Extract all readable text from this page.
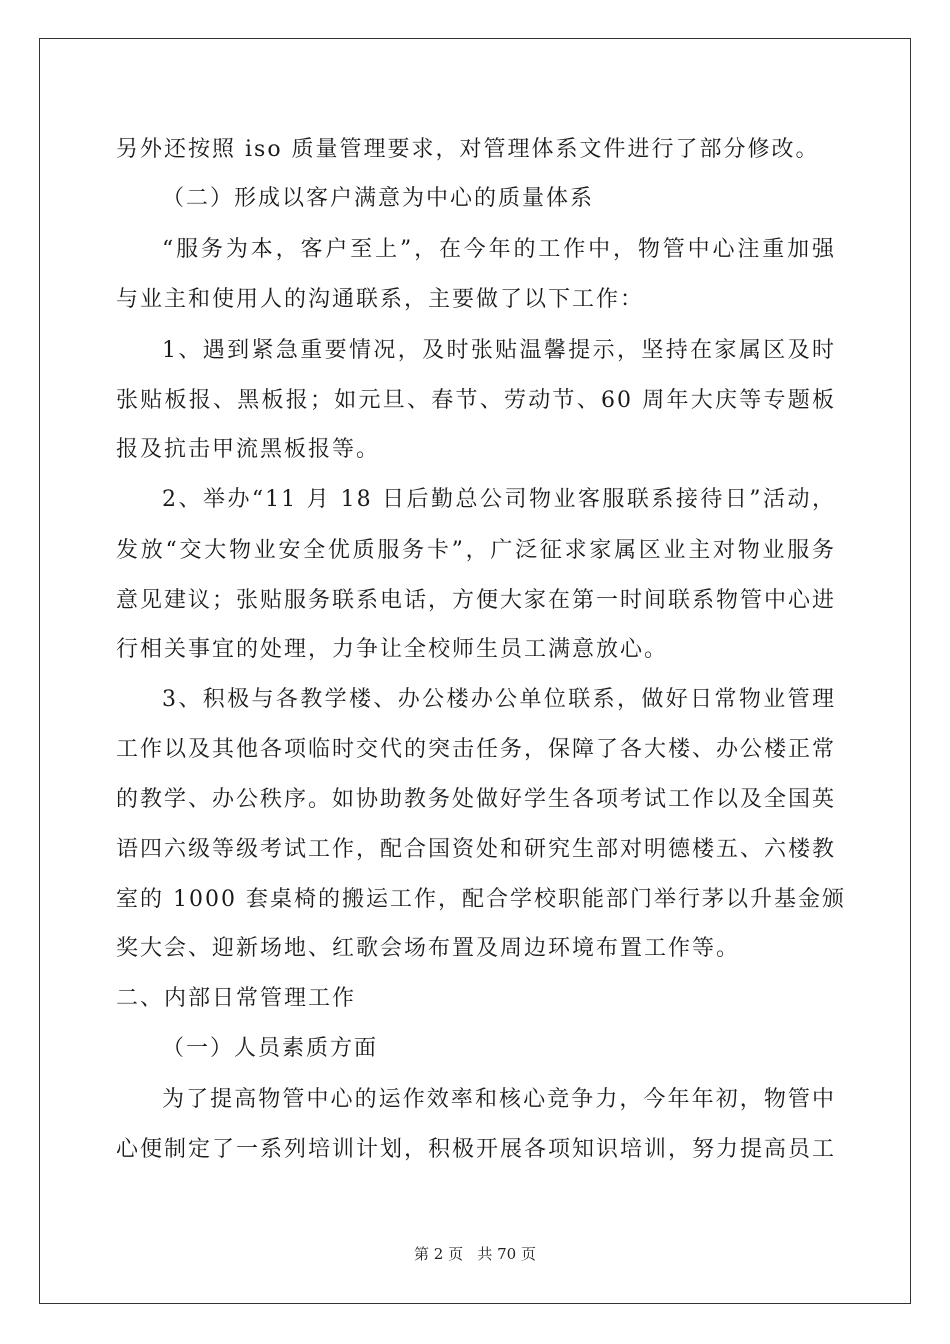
另外还按照 iso 质量管理要求，对管理体系文件进行了部分修改。
（二）形成以客户满意为中心的质量体系
“服务为本，客户至上”，在今年的工作中，物管中心注重加强
与业主和使用人的沟通联系，主要做了以下工作：
1、遇到紧急重要情况，及时张贴温馨提示，坚持在家属区及时
张贴板报、黑板报；如元旦、春节、劳动节、60 周年大庆等专题板
报及抗击甲流黑板报等。
2、举办“11 月 18 日后勤总公司物业客服联系接待日”活动，
发放“交大物业安全优质服务卡”，广泛征求家属区业主对物业服务
意见建议；张贴服务联系电话，方便大家在第一时间联系物管中心进
行相关事宜的处理，力争让全校师生员工满意放心。
3、积极与各教学楼、办公楼办公单位联系，做好日常物业管理
工作以及其他各项临时交代的突击任务，保障了各大楼、办公楼正常
的教学、办公秩序。如协助教务处做好学生各项考试工作以及全国英
语四六级等级考试工作，配合国资处和研究生部对明德楼五、六楼教
室的 1000 套桌椅的搬运工作，配合学校职能部门举行茅以升基金颁
奖大会、迎新场地、红歌会场布置及周边环境布置工作等。
二、内部日常管理工作
（一）人员素质方面
为了提高物管中心的运作效率和核心竞争力，今年年初，物管中
心便制定了一系列培训计划，积极开展各项知识培训，努力提高员工
第 2 页   共 70 页
